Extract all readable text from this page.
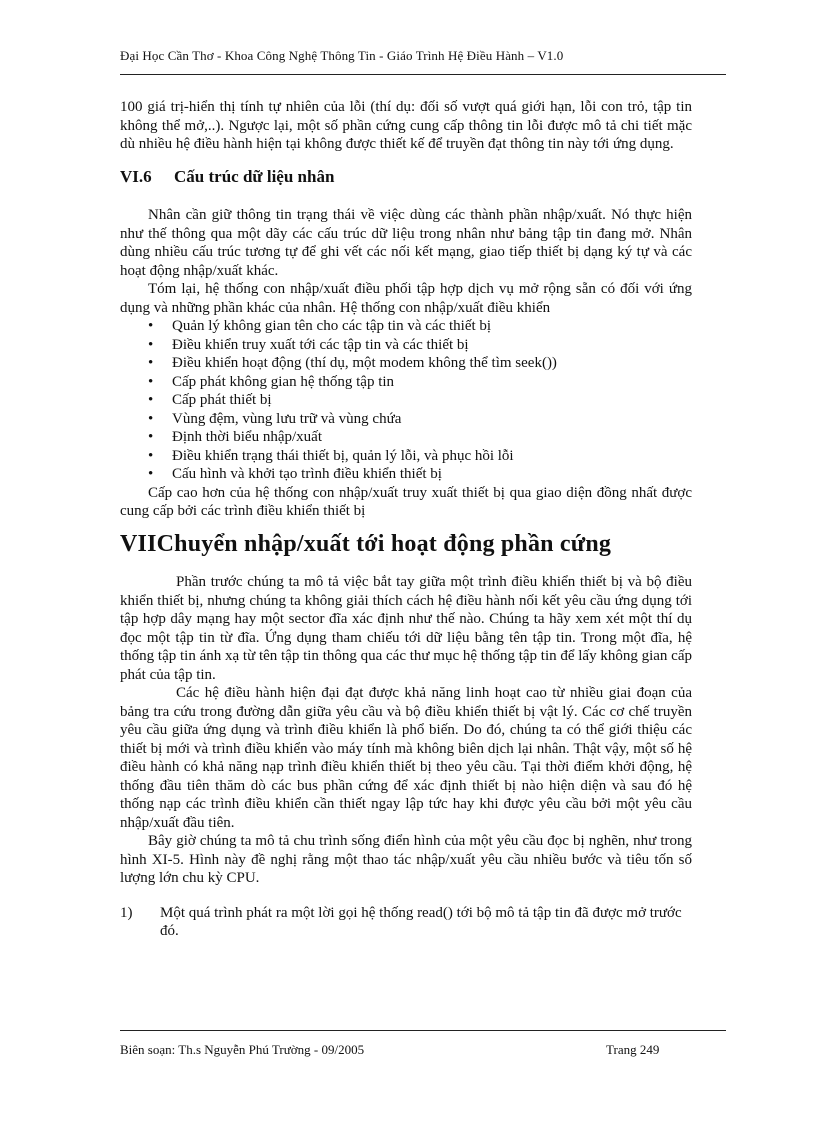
Đại Học Cần Thơ - Khoa Công Nghệ Thông Tin - Giáo Trình Hệ Điều Hành – V1.0

100 giá trị-hiển thị tính tự nhiên của lỗi (thí dụ: đối số vượt quá giới hạn, lỗi con trỏ, tập tin không thể mở,..). Ngược lại, một số phần cứng cung cấp thông tin lỗi được mô tả chi tiết mặc dù nhiều hệ điều hành hiện tại không được thiết kế để truyền đạt thông tin này tới ứng dụng.

VI.6 Cấu trúc dữ liệu nhân

Nhân cần giữ thông tin trạng thái về việc dùng các thành phần nhập/xuất. Nó thực hiện như thế thông qua một dãy các cấu trúc dữ liệu trong nhân như bảng tập tin đang mở. Nhân dùng nhiều cấu trúc tương tự để ghi vết các nối kết mạng, giao tiếp thiết bị dạng ký tự và các hoạt động nhập/xuất khác.

Tóm lại, hệ thống con nhập/xuất điều phối tập hợp dịch vụ mở rộng sẵn có đối với ứng dụng và những phần khác của nhân. Hệ thống con nhập/xuất điều khiển

• Quản lý không gian tên cho các tập tin và các thiết bị
• Điều khiển truy xuất tới các tập tin và các thiết bị
• Điều khiển hoạt động (thí dụ, một modem không thể tìm seek())
• Cấp phát không gian hệ thống tập tin
• Cấp phát thiết bị
• Vùng đệm, vùng lưu trữ và vùng chứa
• Định thời biểu nhập/xuất
• Điều khiển trạng thái thiết bị, quản lý lỗi, và phục hồi lỗi
• Cấu hình và khởi tạo trình điều khiển thiết bị

Cấp cao hơn của hệ thống con nhập/xuất truy xuất thiết bị qua giao diện đồng nhất được cung cấp bởi các trình điều khiển thiết bị

VIIChuyển nhập/xuất tới hoạt động phần cứng

Phần trước chúng ta mô tả việc bắt tay giữa một trình điều khiển thiết bị và bộ điều khiển thiết bị, nhưng chúng ta không giải thích cách hệ điều hành nối kết yêu cầu ứng dụng tới tập hợp dây mạng hay một sector đĩa xác định như thế nào. Chúng ta hãy xem xét một thí dụ đọc một tập tin từ đĩa. Ứng dụng tham chiếu tới dữ liệu bằng tên tập tin. Trong một đĩa, hệ thống tập tin ánh xạ từ tên tập tin thông qua các thư mục hệ thống tập tin để lấy không gian cấp phát của tập tin.

Các hệ điều hành hiện đại đạt được khả năng linh hoạt cao từ nhiều giai đoạn của bảng tra cứu trong đường dẫn giữa yêu cầu và bộ điều khiển thiết bị vật lý. Các cơ chế truyền yêu cầu giữa ứng dụng và trình điều khiển là phổ biến. Do đó, chúng ta có thể giới thiệu các thiết bị mới và trình điều khiển vào máy tính mà không biên dịch lại nhân. Thật vậy, một số hệ điều hành có khả năng nạp trình điều khiển thiết bị theo yêu cầu. Tại thời điểm khởi động, hệ thống đầu tiên thăm dò các bus phần cứng để xác định thiết bị nào hiện diện và sau đó hệ thống nạp các trình điều khiển cần thiết ngay lập tức hay khi được yêu cầu bởi một yêu cầu nhập/xuất đầu tiên.

Bây giờ chúng ta mô tả chu trình sống điển hình của một yêu cầu đọc bị nghẽn, như trong hình XI-5. Hình này đề nghị rằng một thao tác nhập/xuất yêu cầu nhiều bước và tiêu tốn số lượng lớn chu kỳ CPU.

1) Một quá trình phát ra một lời gọi hệ thống read() tới bộ mô tả tập tin đã được mở trước đó.
Biên soạn: Th.s Nguyễn Phú Trường - 09/2005	Trang 249
